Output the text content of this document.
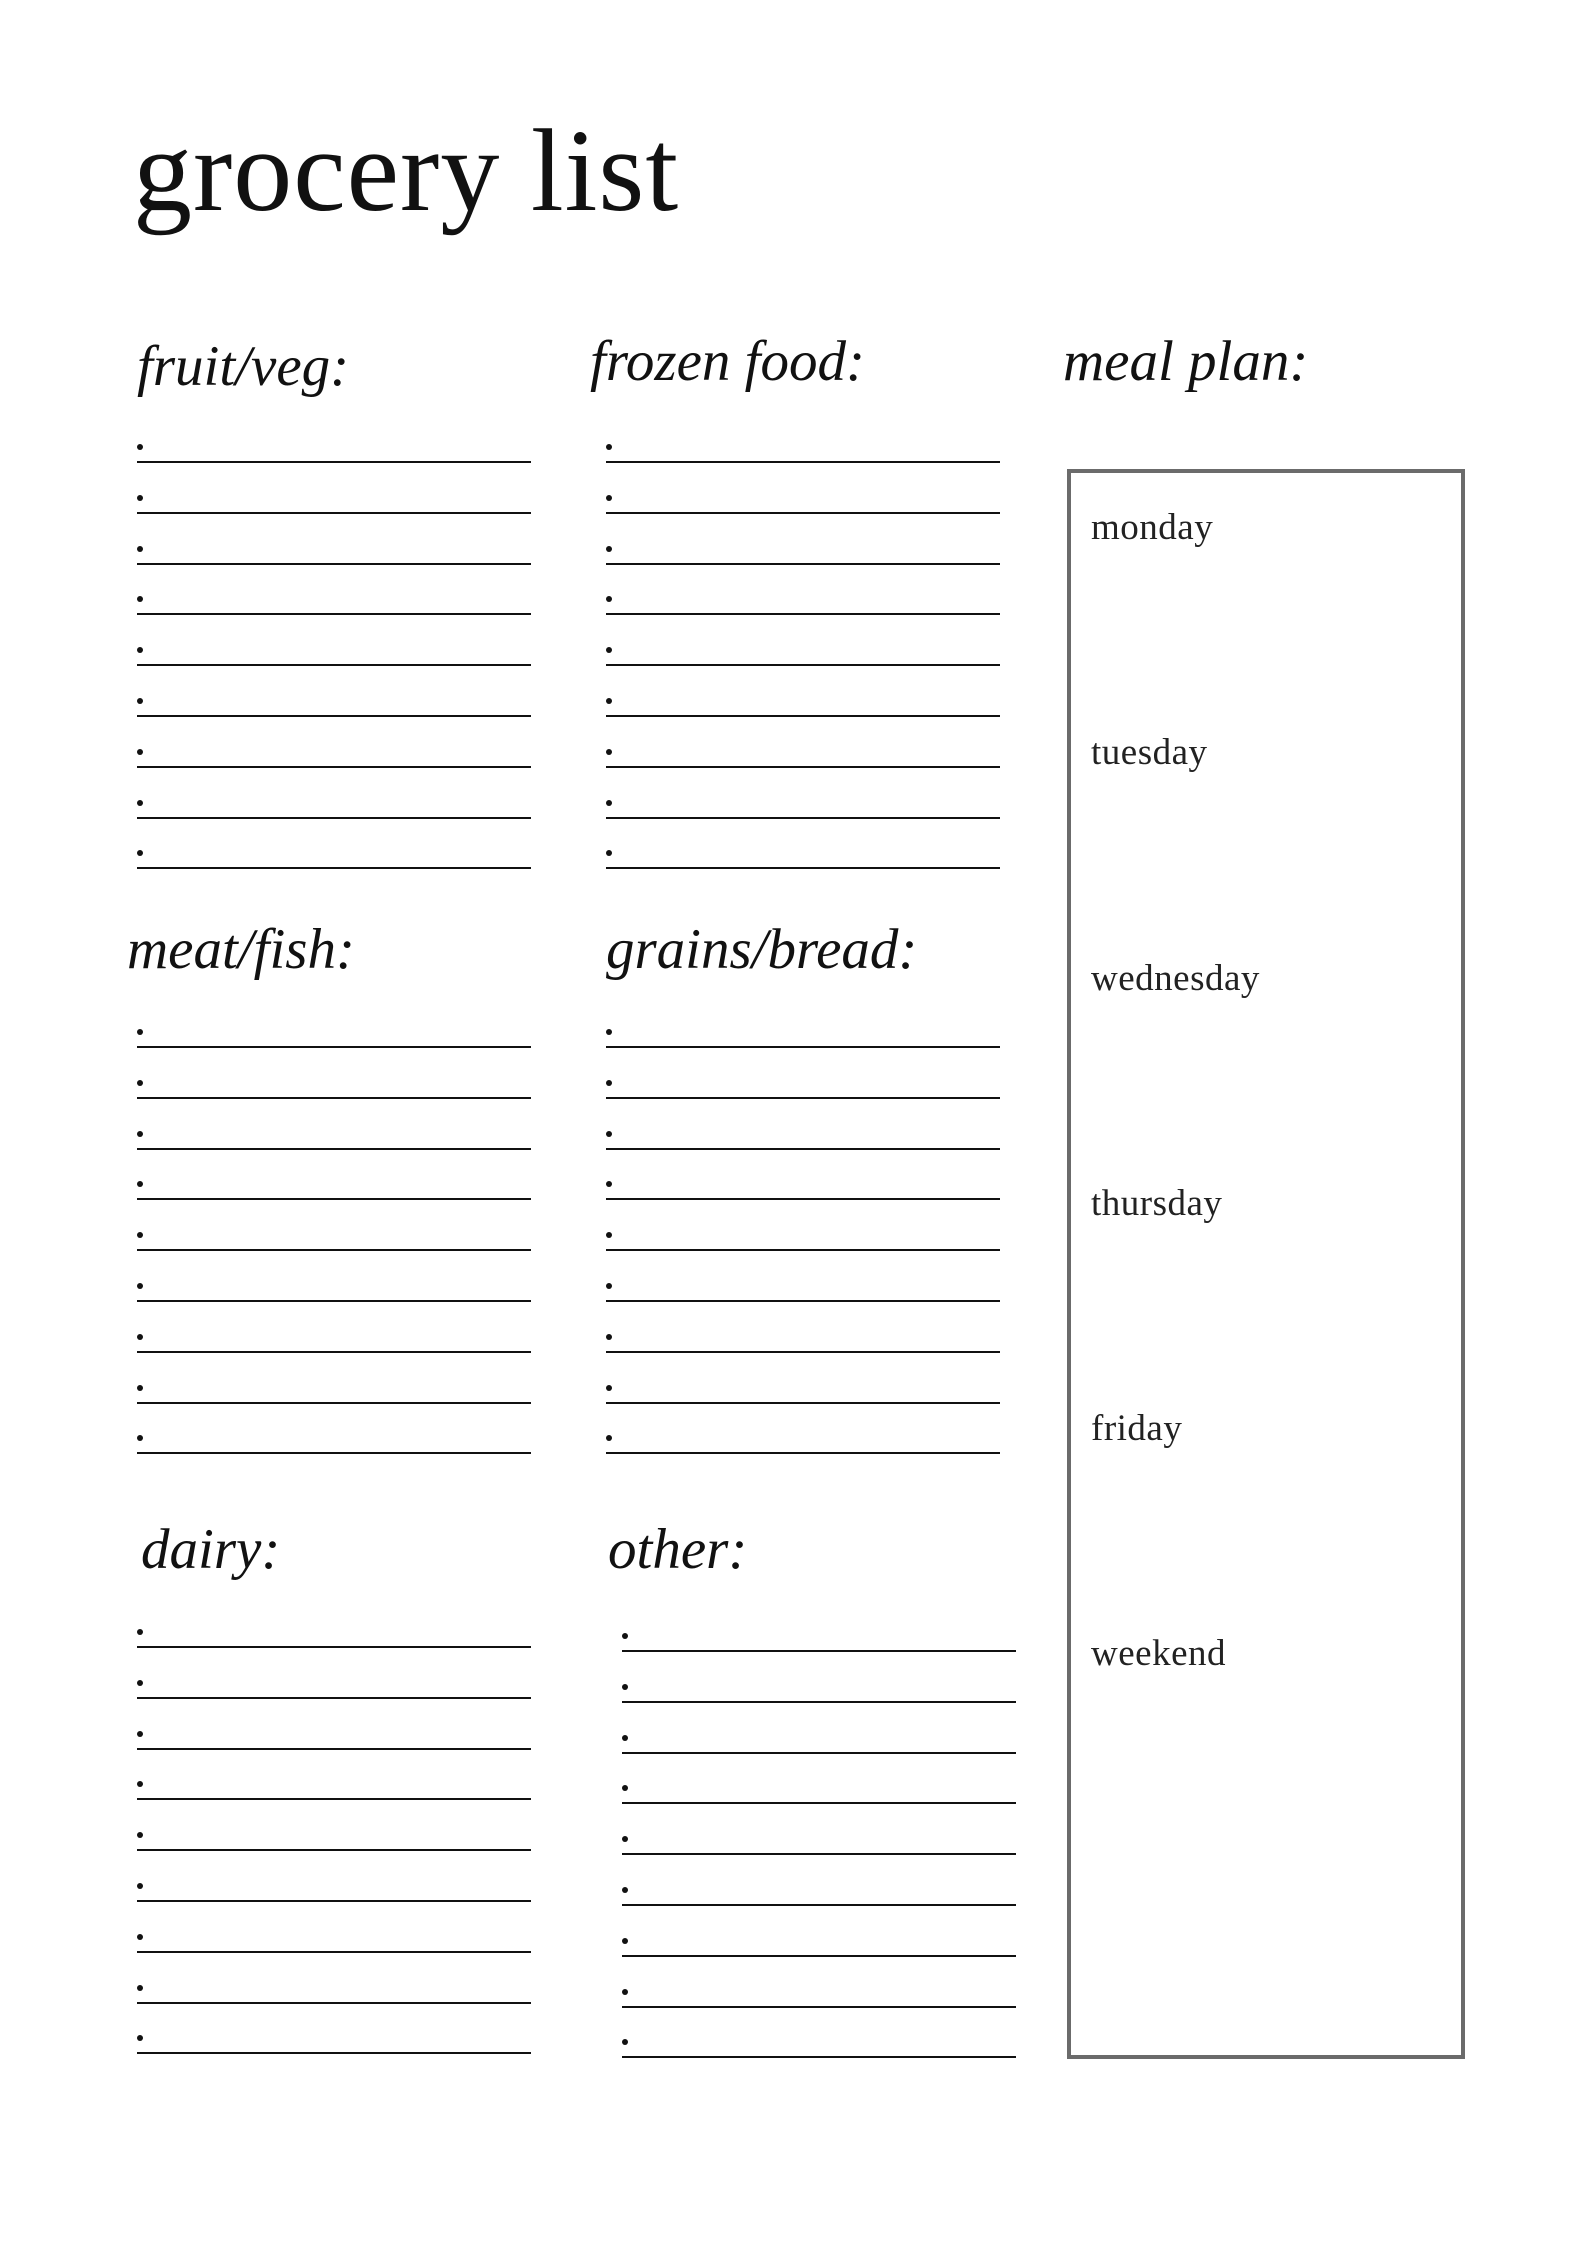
grocery list
fruit/veg:	frozen food:
meat/fish:	grains/bread:
dairy:	other:
meal plan:
monday
tuesday
wednesday
thursday
friday
weekend
